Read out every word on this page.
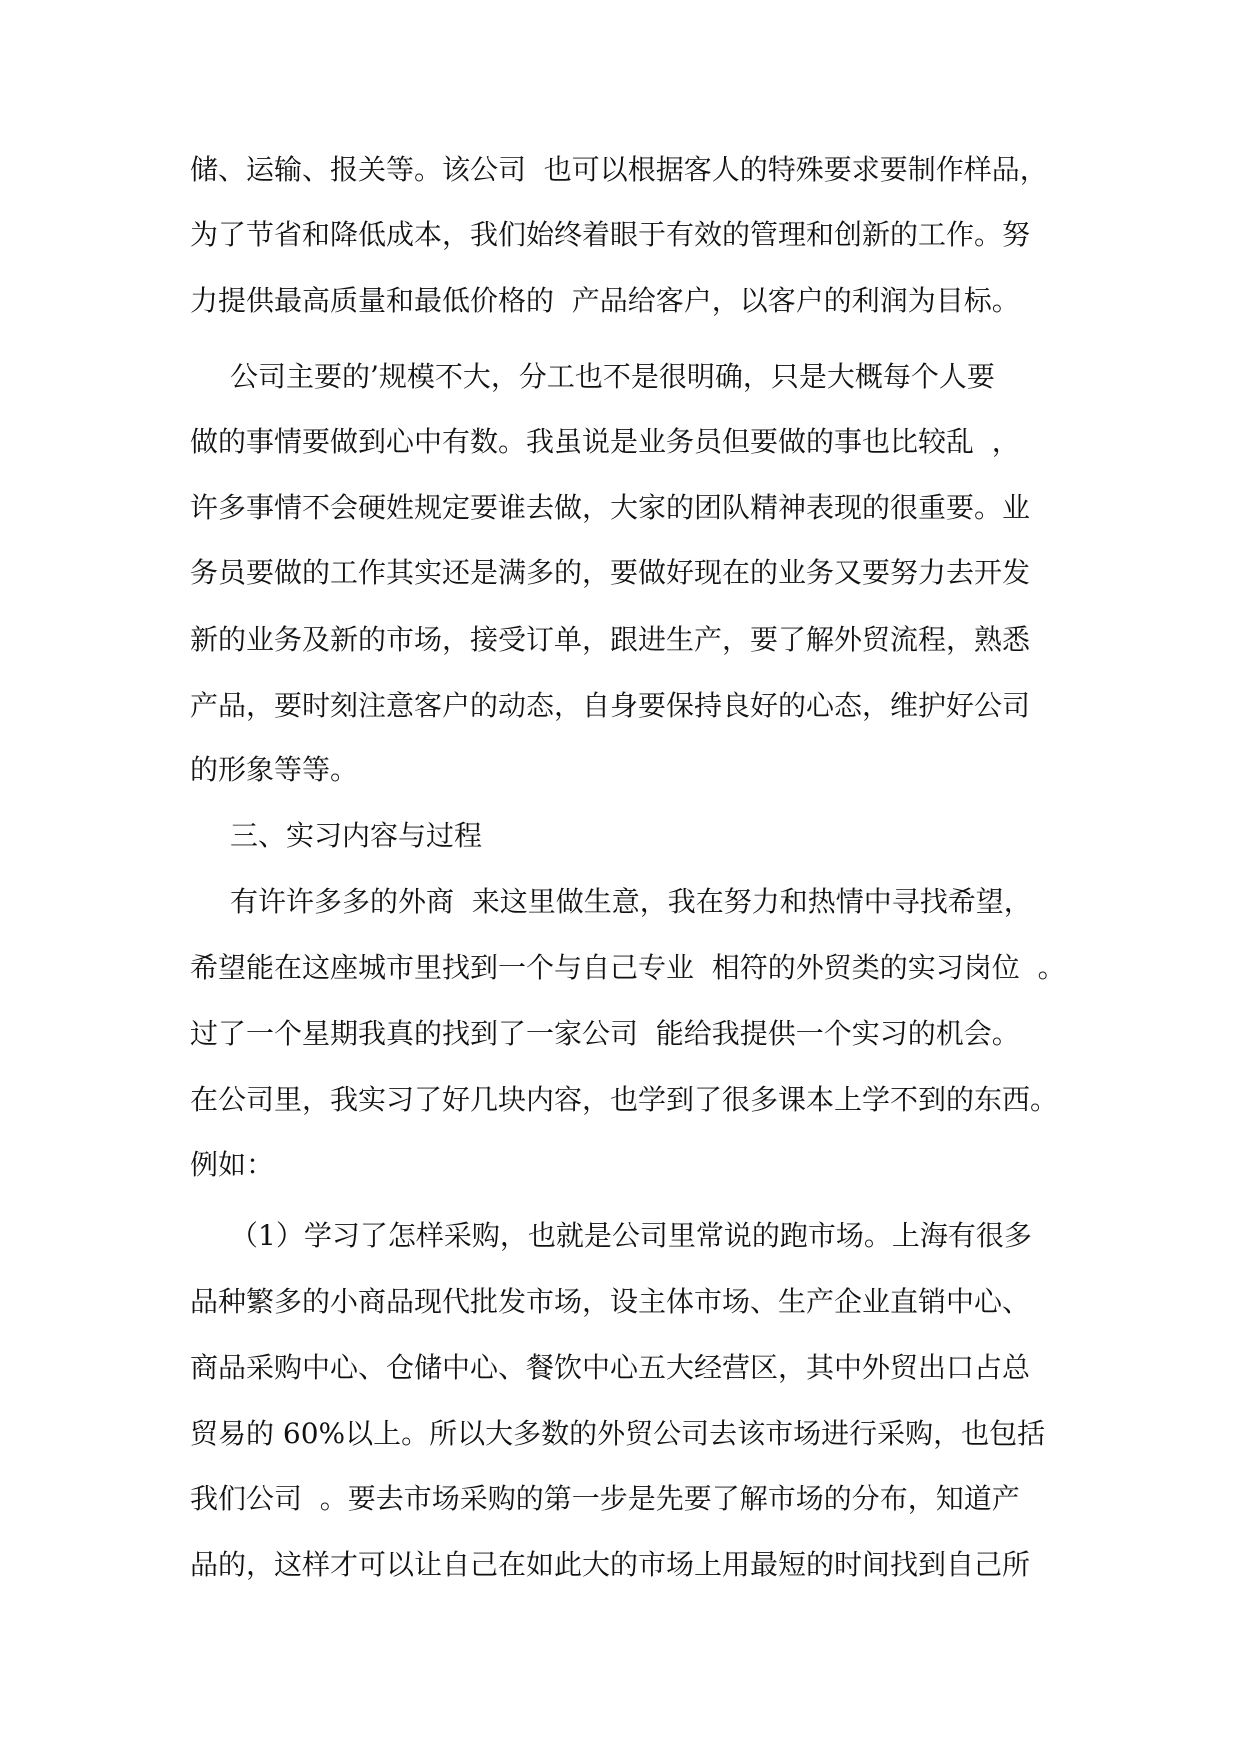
储、运输、报关等。该公司  也可以根据客人的特殊要求要制作样品，
为了节省和降低成本，我们始终着眼于有效的管理和创新的工作。努
力提供最高质量和最低价格的  产品给客户，以客户的利润为目标。
公司主要的’规模不大，分工也不是很明确，只是大概每个人要
做的事情要做到心中有数。我虽说是业务员但要做的事也比较乱  ，
许多事情不会硬姓规定要谁去做，大家的团队精神表现的很重要。业
务员要做的工作其实还是满多的，要做好现在的业务又要努力去开发
新的业务及新的市场，接受订单，跟进生产，要了解外贸流程，熟悉
产品，要时刻注意客户的动态，自身要保持良好的心态，维护好公司
的形象等等。
三、实习内容与过程
有许许多多的外商  来这里做生意，我在努力和热情中寻找希望，
希望能在这座城市里找到一个与自己专业  相符的外贸类的实习岗位  。
过了一个星期我真的找到了一家公司  能给我提供一个实习的机会。
在公司里，我实习了好几块内容，也学到了很多课本上学不到的东西。
例如：
（1）学习了怎样采购，也就是公司里常说的跑市场。上海有很多
品种繁多的小商品现代批发市场，设主体市场、生产企业直销中心、
商品采购中心、仓储中心、餐饮中心五大经营区，其中外贸出口占总
贸易的 60%以上。所以大多数的外贸公司去该市场进行采购，也包括
我们公司  。要去市场采购的第一步是先要了解市场的分布，知道产
品的，这样才可以让自己在如此大的市场上用最短的时间找到自己所
